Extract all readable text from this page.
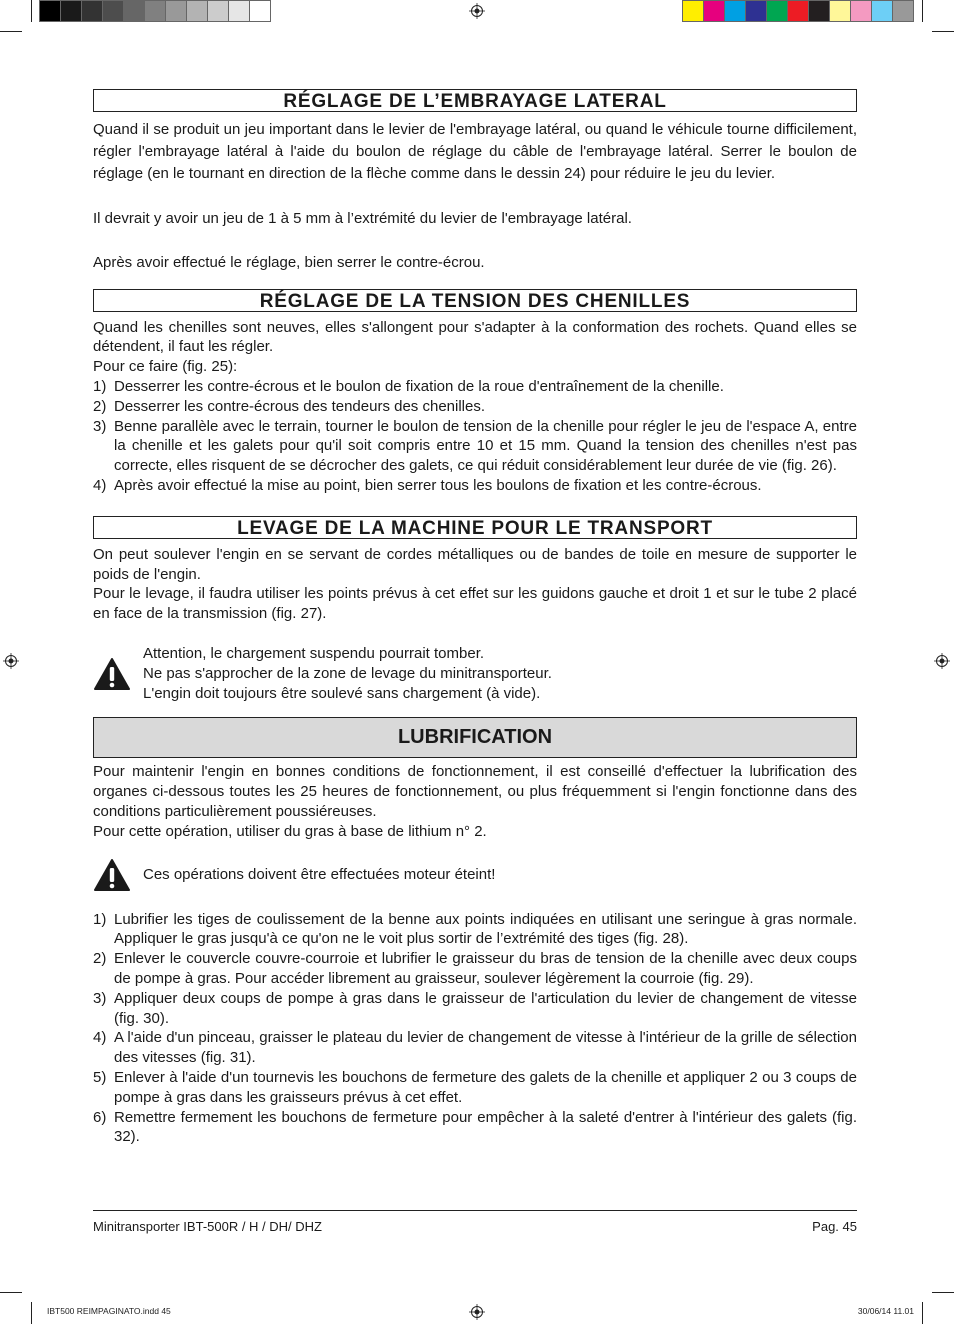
RÉGLAGE DE L’EMBRAYAGE LATERAL

Quand il se produit un jeu important dans le levier de l'embrayage latéral, ou quand le véhicule tourne difficilement, régler l'embrayage latéral à l'aide du boulon de réglage du câble de l'embrayage latéral. Serrer le boulon de réglage (en le tournant en direction de la flèche comme dans le dessin 24) pour réduire le jeu du levier.

Il devrait y avoir un jeu de 1 à 5 mm à l’extrémité du levier de l'embrayage latéral.

Après avoir effectué le réglage, bien serrer le contre-écrou.

RÉGLAGE DE LA TENSION DES CHENILLES

Quand les chenilles sont neuves, elles s'allongent pour s'adapter à la conformation des rochets. Quand elles se détendent, il faut les régler.

Pour ce faire (fig. 25):

1) Desserrer les contre-écrous et le boulon de fixation de la roue d'entraînement de la chenille.
2) Desserrer les contre-écrous des tendeurs des chenilles.
3) Benne parallèle avec le terrain, tourner le boulon de tension de la chenille pour régler le jeu de l'espace A, entre la chenille et les galets pour qu'il soit compris entre 10 et 15 mm. Quand la tension des chenilles n'est pas correcte, elles risquent de se décrocher des galets, ce qui réduit considérablement leur durée de vie (fig. 26).
4) Après avoir effectué la mise au point, bien serrer tous les boulons de fixation et les contre-écrous.
LEVAGE DE LA MACHINE POUR LE TRANSPORT

On peut soulever l'engin en se servant de cordes métalliques ou de bandes de toile en mesure de supporter le poids de l'engin.

Pour le levage, il faudra utiliser les points prévus à cet effet sur les guidons gauche et droit 1 et sur le tube 2 placé en face de la transmission (fig. 27).

Attention, le chargement suspendu pourrait tomber.

Ne pas s'approcher de la zone de levage du minitransporteur.

L'engin doit toujours être soulevé sans chargement (à vide).

LUBRIFICATION

Pour maintenir l'engin en bonnes conditions de fonctionnement, il est conseillé d'effectuer la lubrification des organes ci-dessous toutes les 25 heures de fonctionnement, ou plus fréquemment si l'engin fonctionne dans des conditions particulièrement poussiéreuses.

Pour cette opération, utiliser du gras à base de lithium n° 2.

Ces opérations doivent être effectuées moteur éteint!

1) Lubrifier les tiges de coulissement de la benne aux points indiquées en utilisant une seringue à gras normale. Appliquer le gras jusqu'à ce qu'on ne le voit plus sortir de l’extrémité des tiges (fig. 28).
2) Enlever le couvercle couvre-courroie et lubrifier le graisseur du bras de tension de la chenille avec deux coups de pompe à gras. Pour accéder librement au graisseur, soulever légèrement la courroie (fig. 29).
3) Appliquer deux coups de pompe à gras dans le graisseur de l'articulation du levier de changement de vitesse (fig. 30).
4) A l'aide d'un pinceau, graisser le plateau du levier de changement de vitesse à l'intérieur de la grille de sélection des vitesses (fig. 31).
5) Enlever à l'aide d'un tournevis les bouchons de fermeture des galets de la chenille et appliquer 2 ou 3 coups de pompe à gras dans les graisseurs prévus à cet effet.
6) Remettre fermement les bouchons de fermeture pour empêcher à la saleté d'entrer à l'intérieur des galets (fig. 32).
Minitransporter IBT-500R / H / DH/ DHZ	Pag. 45
IBT500 REIMPAGINATO.indd 45	30/06/14 11.01
